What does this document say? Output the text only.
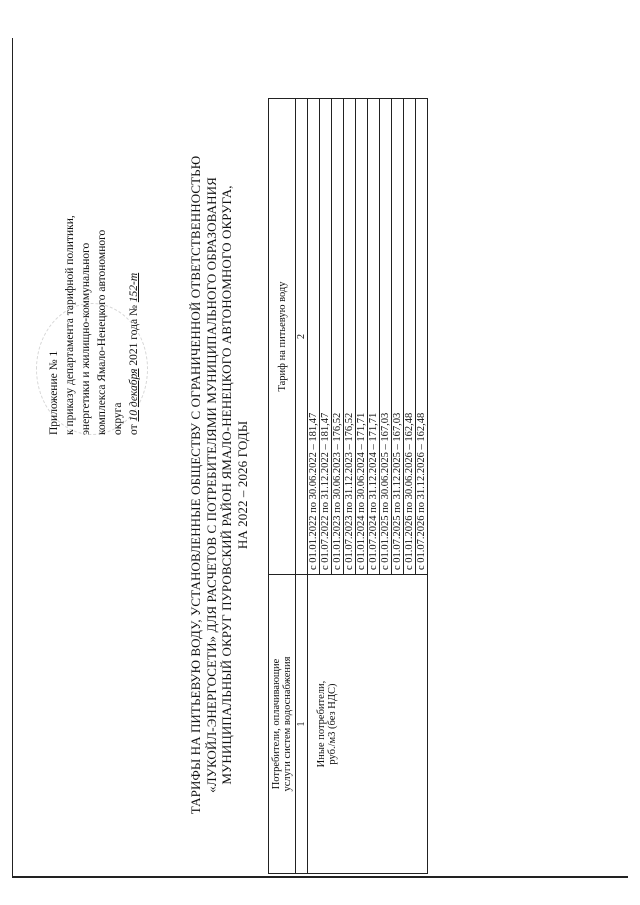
Приложение № 1 к приказу департамента тарифной политики, энергетики и жилищно-коммунального комплекса Ямало-Ненецкого автономного округа от 10 декабря 2021 года № 152-т	ТАРИФЫ НА ПИТЬЕВУЮ ВОДУ, УСТАНОВЛЕННЫЕ ОБЩЕСТВУ С ОГРАНИЧЕННОЙ ОТВЕТСТВЕННОСТЬЮ «ЛУКОЙЛ-ЭНЕРГОСЕТИ» ДЛЯ РАСЧЕТОВ С ПОТРЕБИТЕЛЯМИ МУНИЦИПАЛЬНОГО ОБРАЗОВАНИЯ МУНИЦИПАЛЬНЫЙ ОКРУГ ПУРОВСКИЙ РАЙОН ЯМАЛО-НЕНЕЦКОГО АВТОНОМНОГО ОКРУГА, НА 2022 – 2026 ГОДЫ
Потребители, оплачивающие услуги систем водоснабжения	Тариф на питьевую воду
1	2

Иные потребители, руб./м3 (без НДС)	с 01.01.2022 по 30.06.2022 – 181,47
	с 01.07.2022 по 31.12.2022 – 181,47
	с 01.01.2023 по 30.06.2023 – 176,52
	с 01.07.2023 по 31.12.2023 – 176,52
	с 01.01.2024 по 30.06.2024 – 171,71
	с 01.07.2024 по 31.12.2024 – 171,71
	с 01.01.2025 по 30.06.2025 – 167,03
	с 01.07.2025 по 31.12.2025 – 167,03
	с 01.01.2026 по 30.06.2026 – 162,48
	с 01.07.2026 по 31.12.2026 – 162,48
